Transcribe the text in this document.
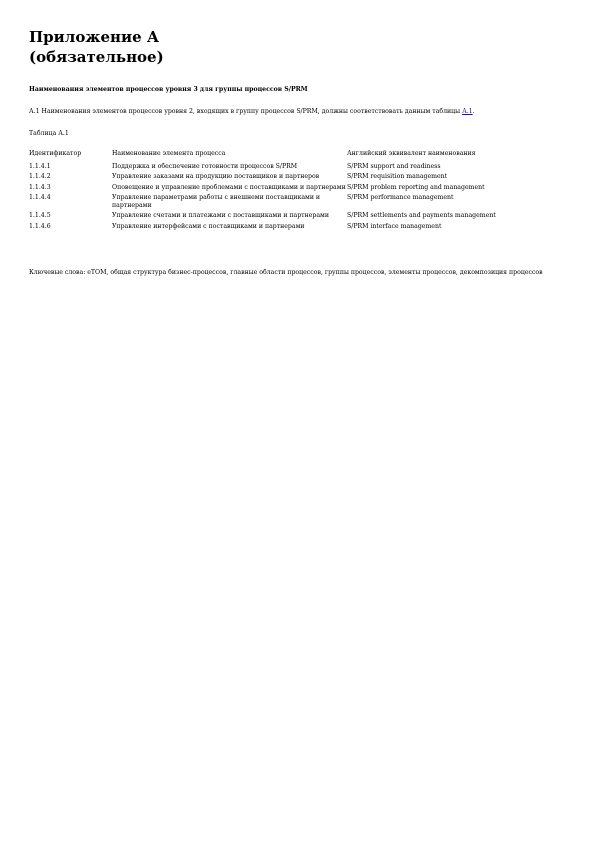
Приложение А
(обязательное)

Наименования элементов процессов уровня 3 для группы процессов S/PRM

А.1 Наименования элементов процессов уровня 2, входящих в группу процессов S/PRM, должны соответствовать данным таблицы А.1.

Таблица А.1

Идентификатор	Наименование элемента процесса	Английский эквивалент наименования
1.1.4.1	Поддержка и обеспечение готовности процессов S/PRM	S/PRM support and readiness
1.1.4.2	Управление заказами на продукцию поставщиков и партнеров	S/PRM requisition management
1.1.4.3	Оповещение и управление проблемами с поставщиками и партнерами	S/PRM problem reporting and management
1.1.4.4	Управление параметрами работы с внешнеми поставщиками и партнерами	S/PRM performance management
1.1.4.5	Управление счетами и платежами с поставщиками и партнерами	S/PRM settlements and payments management
1.1.4.6	Управление интерфейсами с поставщиками и партнерами	S/PRM interface management

Ключевые слова: eTOM, общая структура бизнес-процессов, главные области процессов, группы процессов, элементы процессов, декомпозиция процессов
